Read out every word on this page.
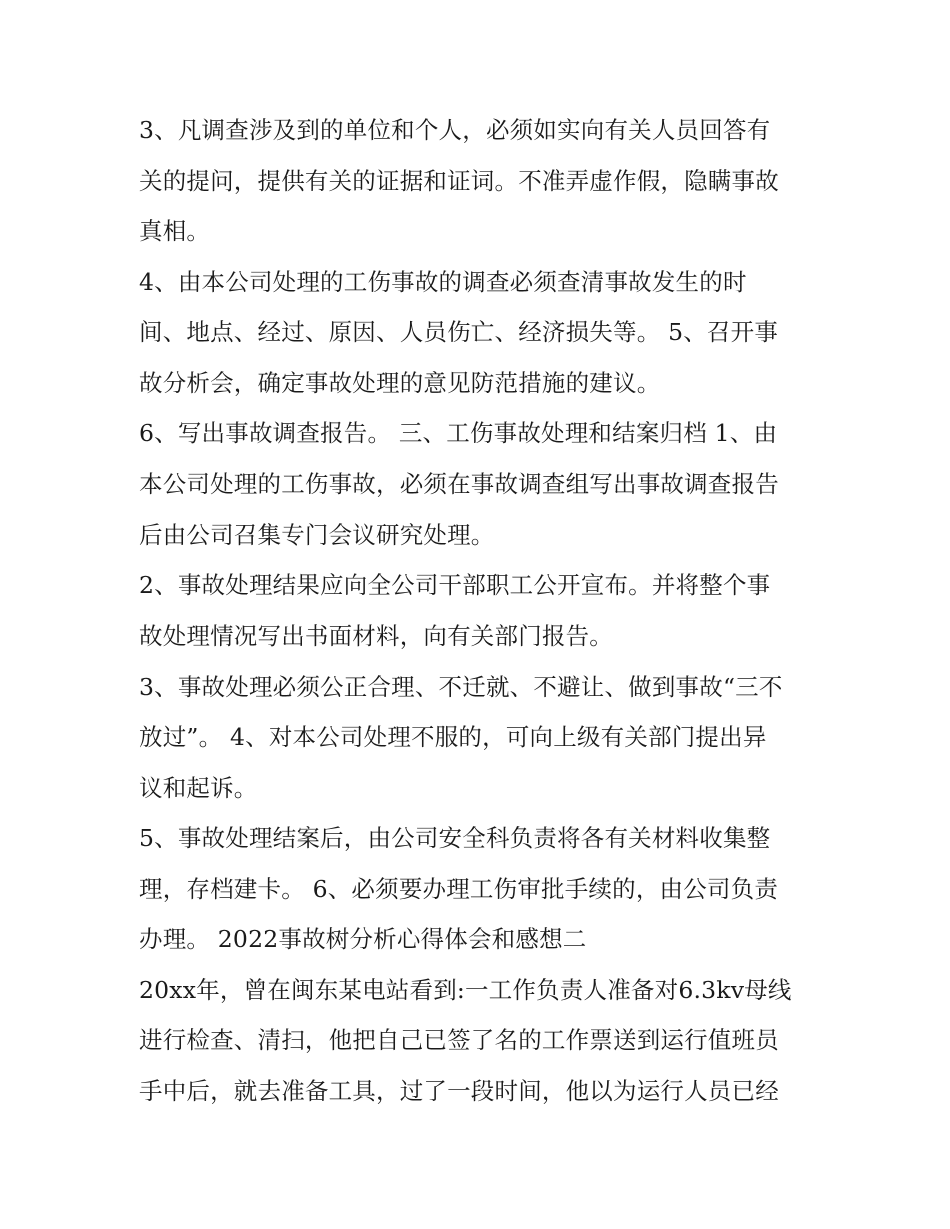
3、凡调查涉及到的单位和个人，必须如实向有关人员回答有
关的提问，提供有关的证据和证词。不准弄虚作假，隐瞒事故
真相。
4、由本公司处理的工伤事故的调查必须查清事故发生的时
间、地点、经过、原因、人员伤亡、经济损失等。 5、召开事
故分析会，确定事故处理的意见防范措施的建议。
6、写出事故调查报告。 三、工伤事故处理和结案归档 1、由
本公司处理的工伤事故，必须在事故调查组写出事故调查报告
后由公司召集专门会议研究处理。
2、事故处理结果应向全公司干部职工公开宣布。并将整个事
故处理情况写出书面材料，向有关部门报告。
3、事故处理必须公正合理、不迁就、不避让、做到事故“三不
放过”。 4、对本公司处理不服的，可向上级有关部门提出异
议和起诉。
5、事故处理结案后，由公司安全科负责将各有关材料收集整
理，存档建卡。 6、必须要办理工伤审批手续的，由公司负责
办理。 2022事故树分析心得体会和感想二
20xx年，曾在闽东某电站看到:一工作负责人准备对6.3kv母线
进行检查、清扫，他把自己已签了名的工作票送到运行值班员
手中后，就去准备工具，过了一段时间，他以为运行人员已经
